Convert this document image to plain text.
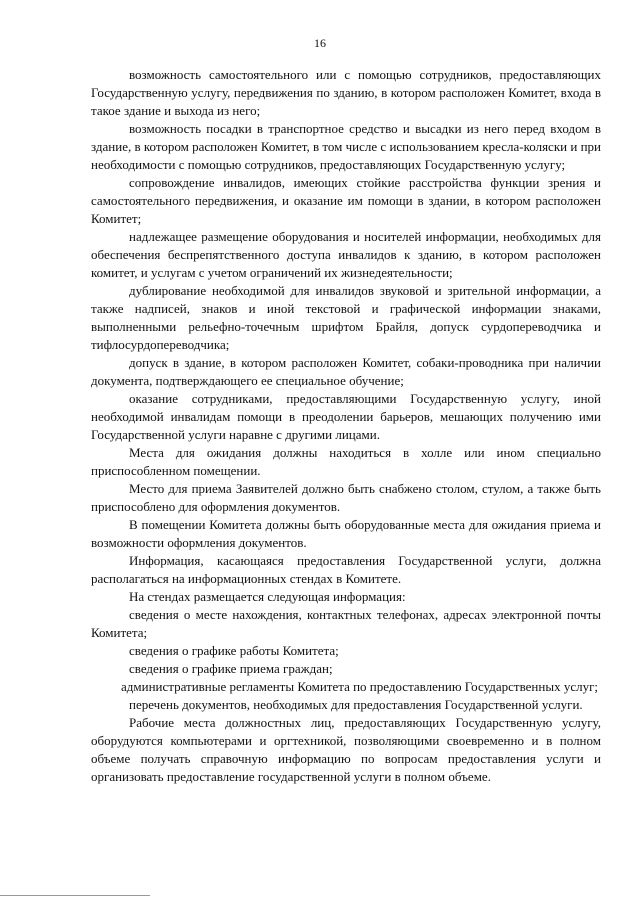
16

возможность самостоятельного или с помощью сотрудников, предоставляющих Государственную услугу, передвижения по зданию, в котором расположен Комитет, входа в такое здание и выхода из него;

возможность посадки в транспортное средство и высадки из него перед входом в здание, в котором расположен Комитет, в том числе с использованием кресла-коляски и при необходимости с помощью сотрудников, предоставляющих Государственную услугу;

сопровождение инвалидов, имеющих стойкие расстройства функции зрения и самостоятельного передвижения, и оказание им помощи в здании, в котором расположен Комитет;

надлежащее размещение оборудования и носителей информации, необходимых для обеспечения беспрепятственного доступа инвалидов к зданию, в котором расположен комитет, и услугам с учетом ограничений их жизнедеятельности;

дублирование необходимой для инвалидов звуковой и зрительной информации, а также надписей, знаков и иной текстовой и графической информации знаками, выполненными рельефно-точечным шрифтом Брайля, допуск сурдопереводчика и тифлосурдопереводчика;

допуск в здание, в котором расположен Комитет, собаки-проводника при наличии документа, подтверждающего ее специальное обучение;

оказание сотрудниками, предоставляющими Государственную услугу, иной необходимой инвалидам помощи в преодолении барьеров, мешающих получению ими Государственной услуги наравне с другими лицами.

Места для ожидания должны находиться в холле или ином специально приспособленном помещении.

Место для приема Заявителей должно быть снабжено столом, стулом, а также быть приспособлено для оформления документов.

В помещении Комитета должны быть оборудованные места для ожидания приема и возможности оформления документов.

Информация, касающаяся предоставления Государственной услуги, должна располагаться на информационных стендах в Комитете.

На стендах размещается следующая информация:

сведения о месте нахождения, контактных телефонах, адресах электронной почты Комитета;

сведения о графике работы Комитета;

сведения о графике приема граждан;

административные регламенты Комитета по предоставлению Государственных услуг;

перечень документов, необходимых для предоставления Государственной услуги.

Рабочие места должностных лиц, предоставляющих Государственную услугу, оборудуются компьютерами и оргтехникой, позволяющими своевременно и в полном объеме получать справочную информацию по вопросам предоставления услуги и организовать предоставление государственной услуги в полном объеме.
